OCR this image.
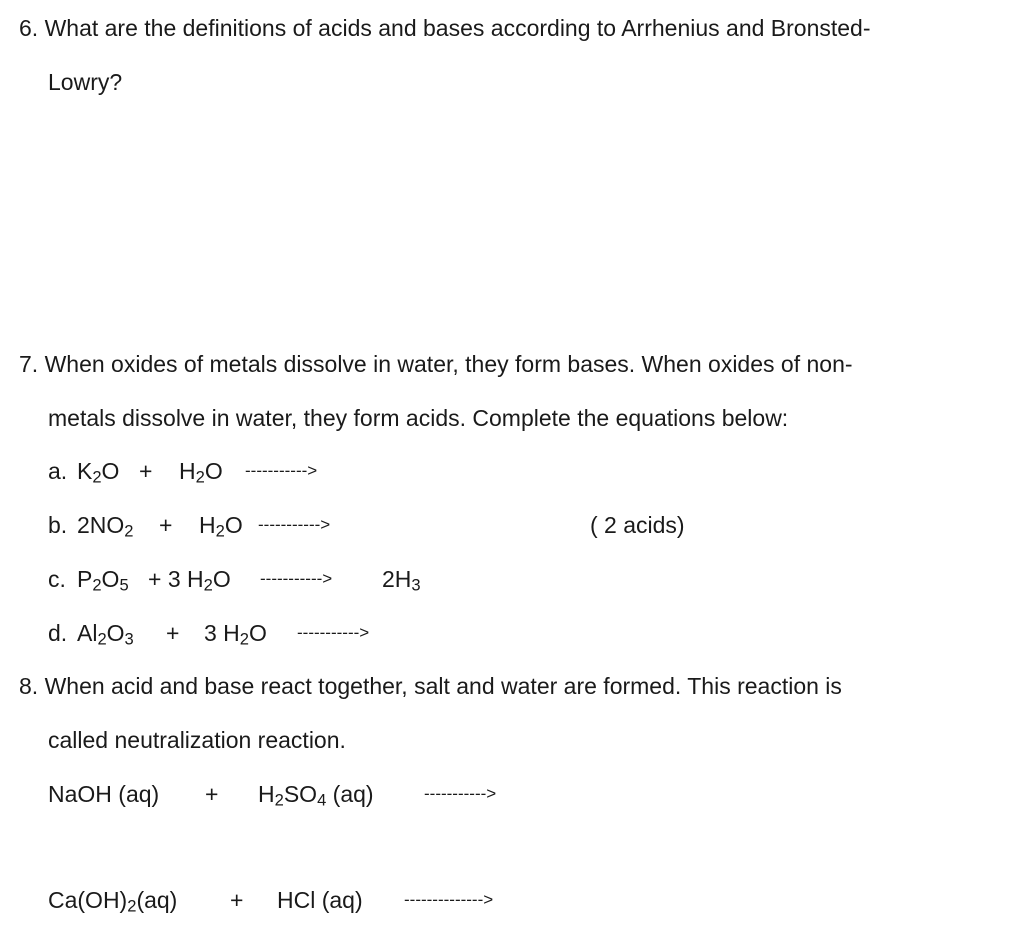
6. What are the definitions of acids and bases according to Arrhenius and Bronsted-
Lowry?
7. When oxides of metals dissolve in water, they form bases. When oxides of non-
metals dissolve in water, they form acids. Complete the equations below:
a. $K_2O + H_2O$ ----------->
b. $2NO_2 + H_2O$ ----------->	( 2 acids)
c. $P_2O_5 + 3$ $H_2O$ -----------> $2H_3$
d. $Al_2O_3 + 3$ $H_2O$ ----------->
8. When acid and base react together, salt and water are formed. This reaction is
called neutralization reaction.
NaOH $(aq) + H_2SO_4$ (aq)	----------->
$Ca(OH)_2(aq)$ + HCl (aq) -------------->
